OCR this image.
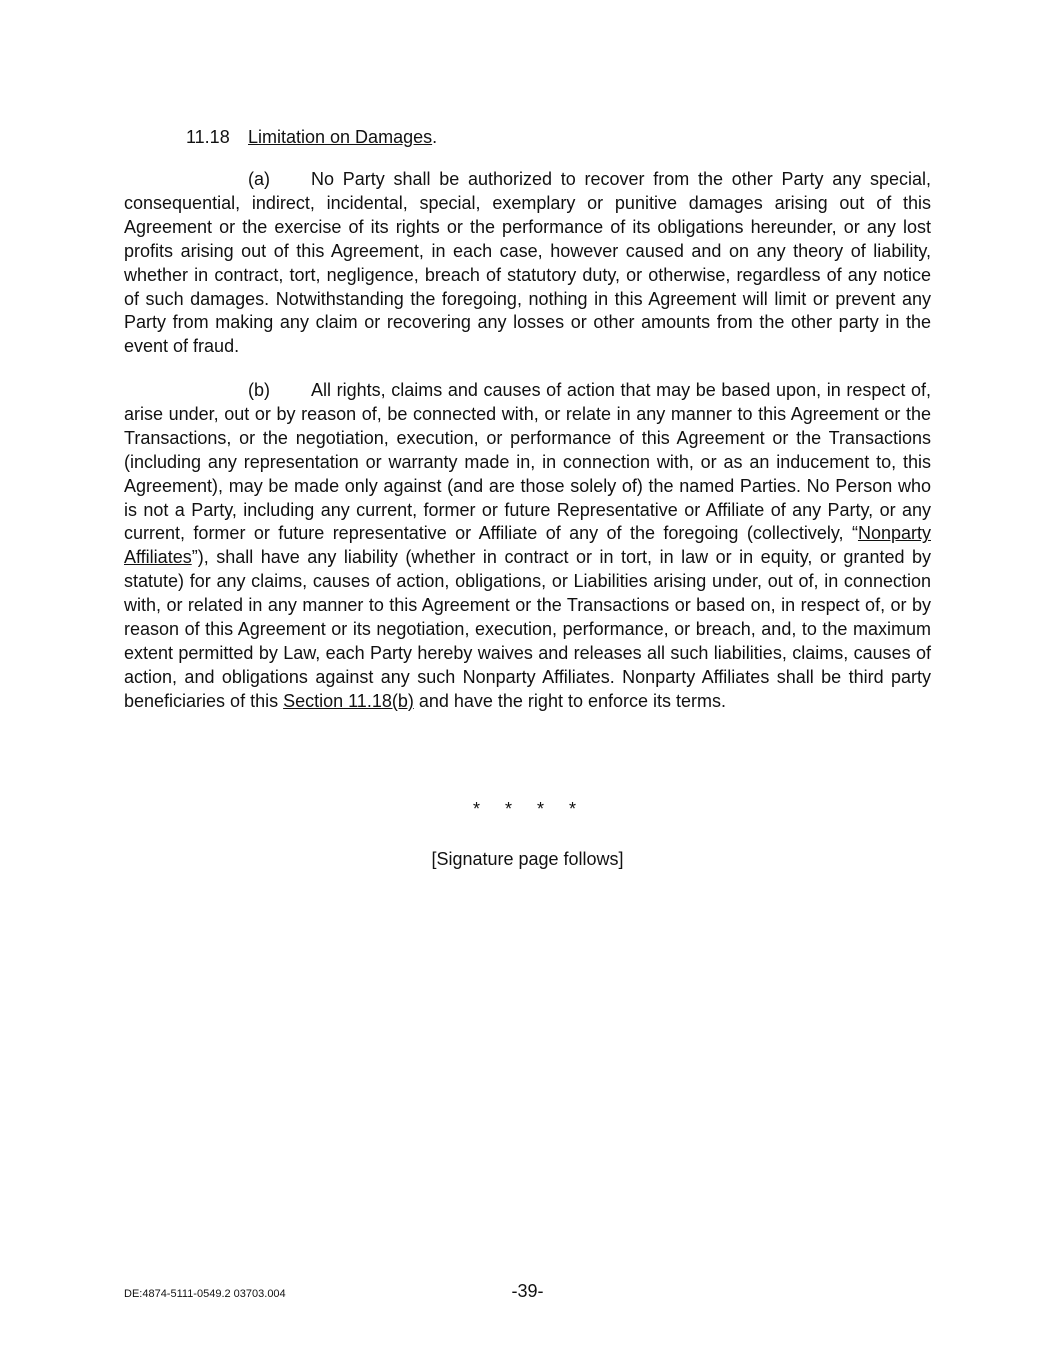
11.18 Limitation on Damages.

(a) No Party shall be authorized to recover from the other Party any special, consequential, indirect, incidental, special, exemplary or punitive damages arising out of this Agreement or the exercise of its rights or the performance of its obligations hereunder, or any lost profits arising out of this Agreement, in each case, however caused and on any theory of liability, whether in contract, tort, negligence, breach of statutory duty, or otherwise, regardless of any notice of such damages. Notwithstanding the foregoing, nothing in this Agreement will limit or prevent any Party from making any claim or recovering any losses or other amounts from the other party in the event of fraud.

(b) All rights, claims and causes of action that may be based upon, in respect of, arise under, out or by reason of, be connected with, or relate in any manner to this Agreement or the Transactions, or the negotiation, execution, or performance of this Agreement or the Transactions (including any representation or warranty made in, in connection with, or as an inducement to, this Agreement), may be made only against (and are those solely of) the named Parties. No Person who is not a Party, including any current, former or future Representative or Affiliate of any Party, or any current, former or future representative or Affiliate of any of the foregoing (collectively, “Nonparty Affiliates”), shall have any liability (whether in contract or in tort, in law or in equity, or granted by statute) for any claims, causes of action, obligations, or Liabilities arising under, out of, in connection with, or related in any manner to this Agreement or the Transactions or based on, in respect of, or by reason of this Agreement or its negotiation, execution, performance, or breach, and, to the maximum extent permitted by Law, each Party hereby waives and releases all such liabilities, claims, causes of action, and obligations against any such Nonparty Affiliates. Nonparty Affiliates shall be third party beneficiaries of this Section 11.18(b) and have the right to enforce its terms.

* * * *
[Signature page follows]
DE:4874-5111-0549.2 03703.004	-39-
